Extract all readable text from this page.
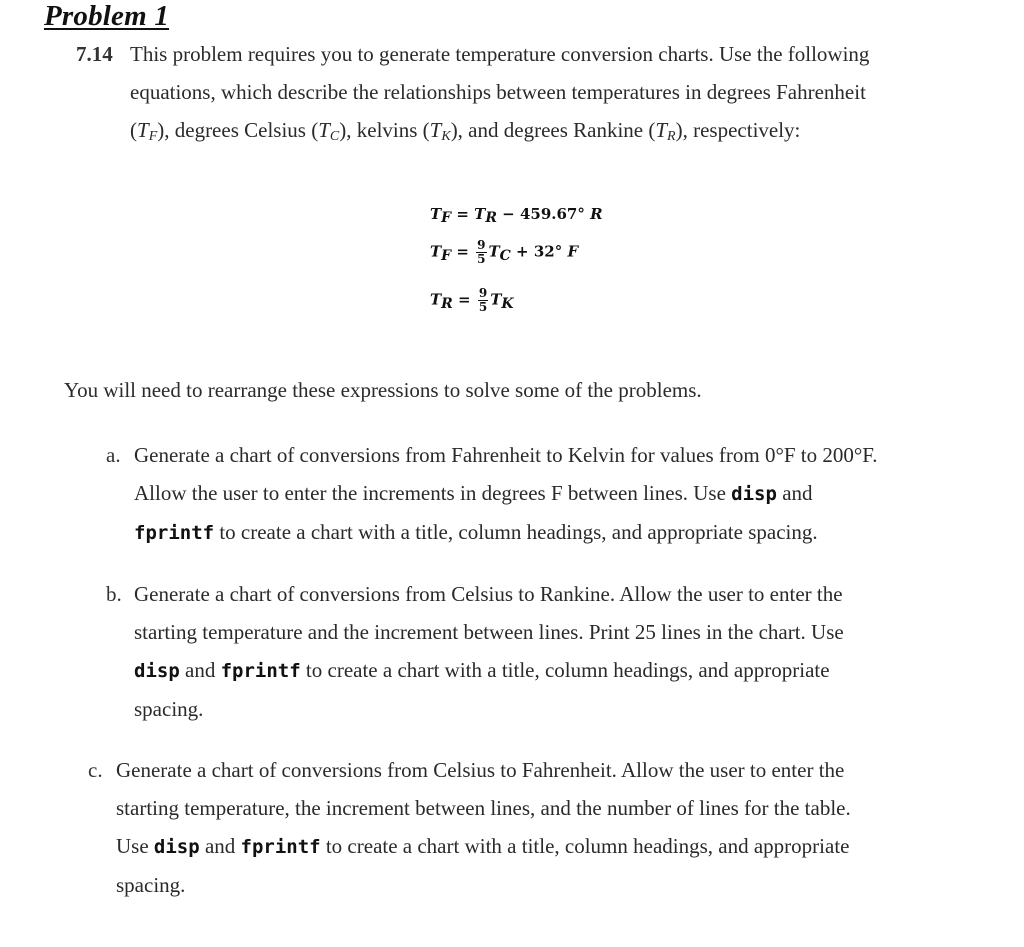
Problem 1
7.14 This problem requires you to generate temperature conversion charts. Use the following
equations, which describe the relationships between temperatures in degrees Fahrenheit
$(T_F)$, degrees Celsius $(T_C)$, kelvins $(T_K)$, and degrees Rankine $(T_R)$, respectively:
$T_F = T_R - 459.67^\circ$ R
$T_F = \frac{9}{5} T_C + 32^\circ$ F
$T_R = \frac{9}{5} T_K$
You will need to rearrange these expressions to solve some of the problems.
a. Generate a chart of conversions from Fahrenheit to Kelvin for values from 0°F to 200°F.
Allow the user to enter the increments in degrees F between lines. Use disp and
fprintf to create a chart with a title, column headings, and appropriate spacing.
b. Generate a chart of conversions from Celsius to Rankine. Allow the user to enter the
starting temperature and the increment between lines. Print 25 lines in the chart. Use
disp and fprintf to create a chart with a title, column headings, and appropriate
spacing.
c. Generate a chart of conversions from Celsius to Fahrenheit. Allow the user to enter the
starting temperature, the increment between lines, and the number of lines for the table.
Use disp and fprintf to create a chart with a title, column headings, and appropriate
spacing.
